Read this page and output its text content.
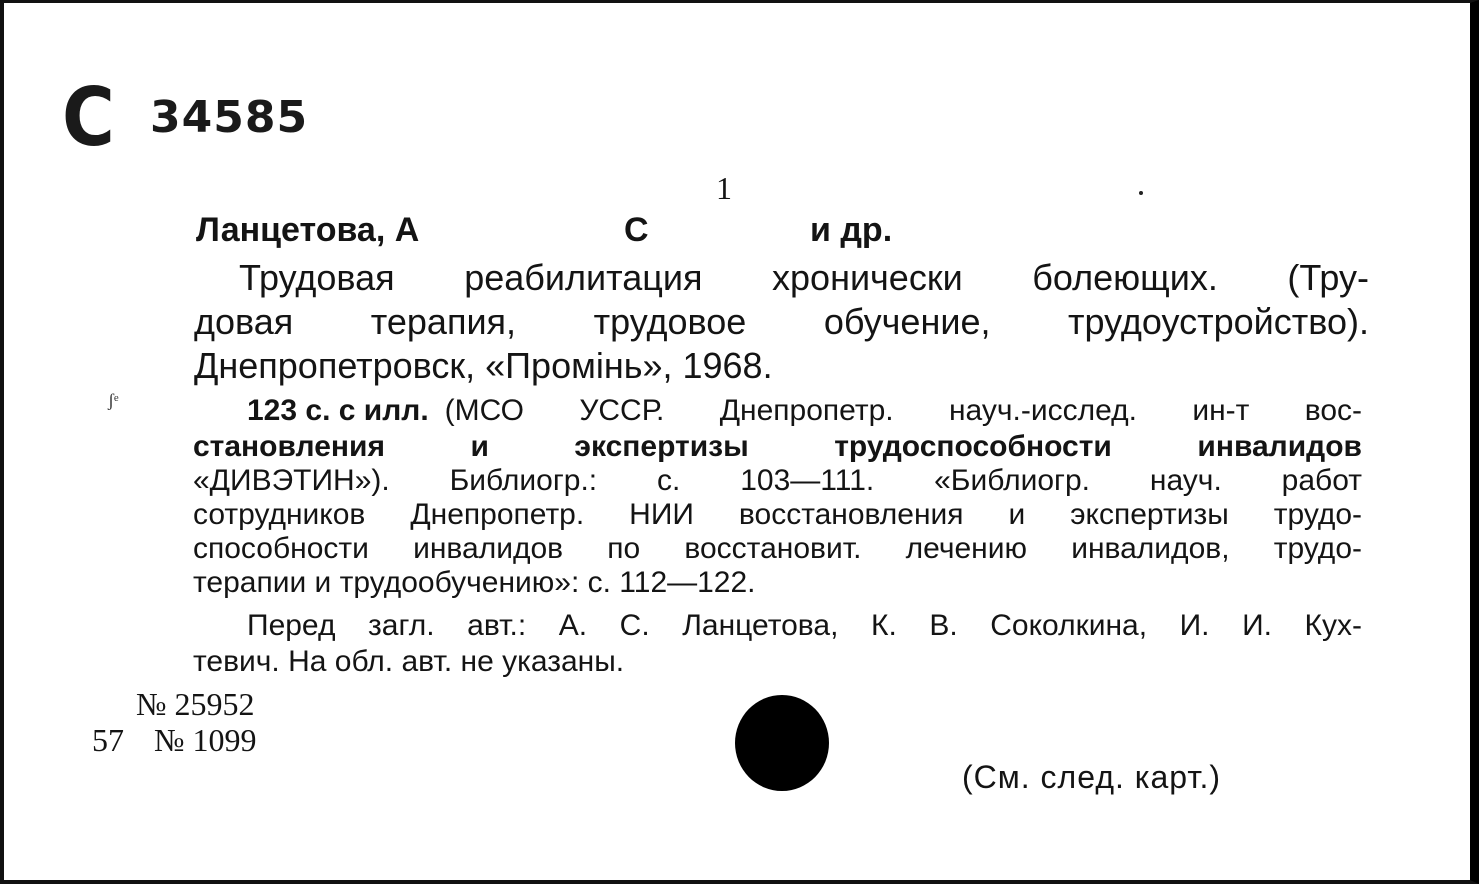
С 34585
1
Ланцетова, А	С	и др.
Трудовая реабилитация хронически болеющих. (Тру-
довая терапия, трудовое обучение, трудоустройство).
Днепропетровск, «Промінь», 1968.
ʃᵉ	123 с. с илл. (МСО УССР. Днепропетр. науч.-исслед. ин-т вос-
становления и экспертизы трудоспособности инвалидов
«ДИВЭТИН»). Библиогр.: с. 103—111. «Библиогр. науч. работ
сотрудников Днепропетр. НИИ восстановления и экспертизы трудо-
способности инвалидов по восстановит. лечению инвалидов, трудо-
терапии и трудообучению»: с. 112—122.
Перед загл. авт.: А. С. Ланцетова, К. В. Соколкина, И. И. Кух-
тевич. На обл. авт. не указаны.
№ 25952
57 № 1099
(См. след. карт.)
